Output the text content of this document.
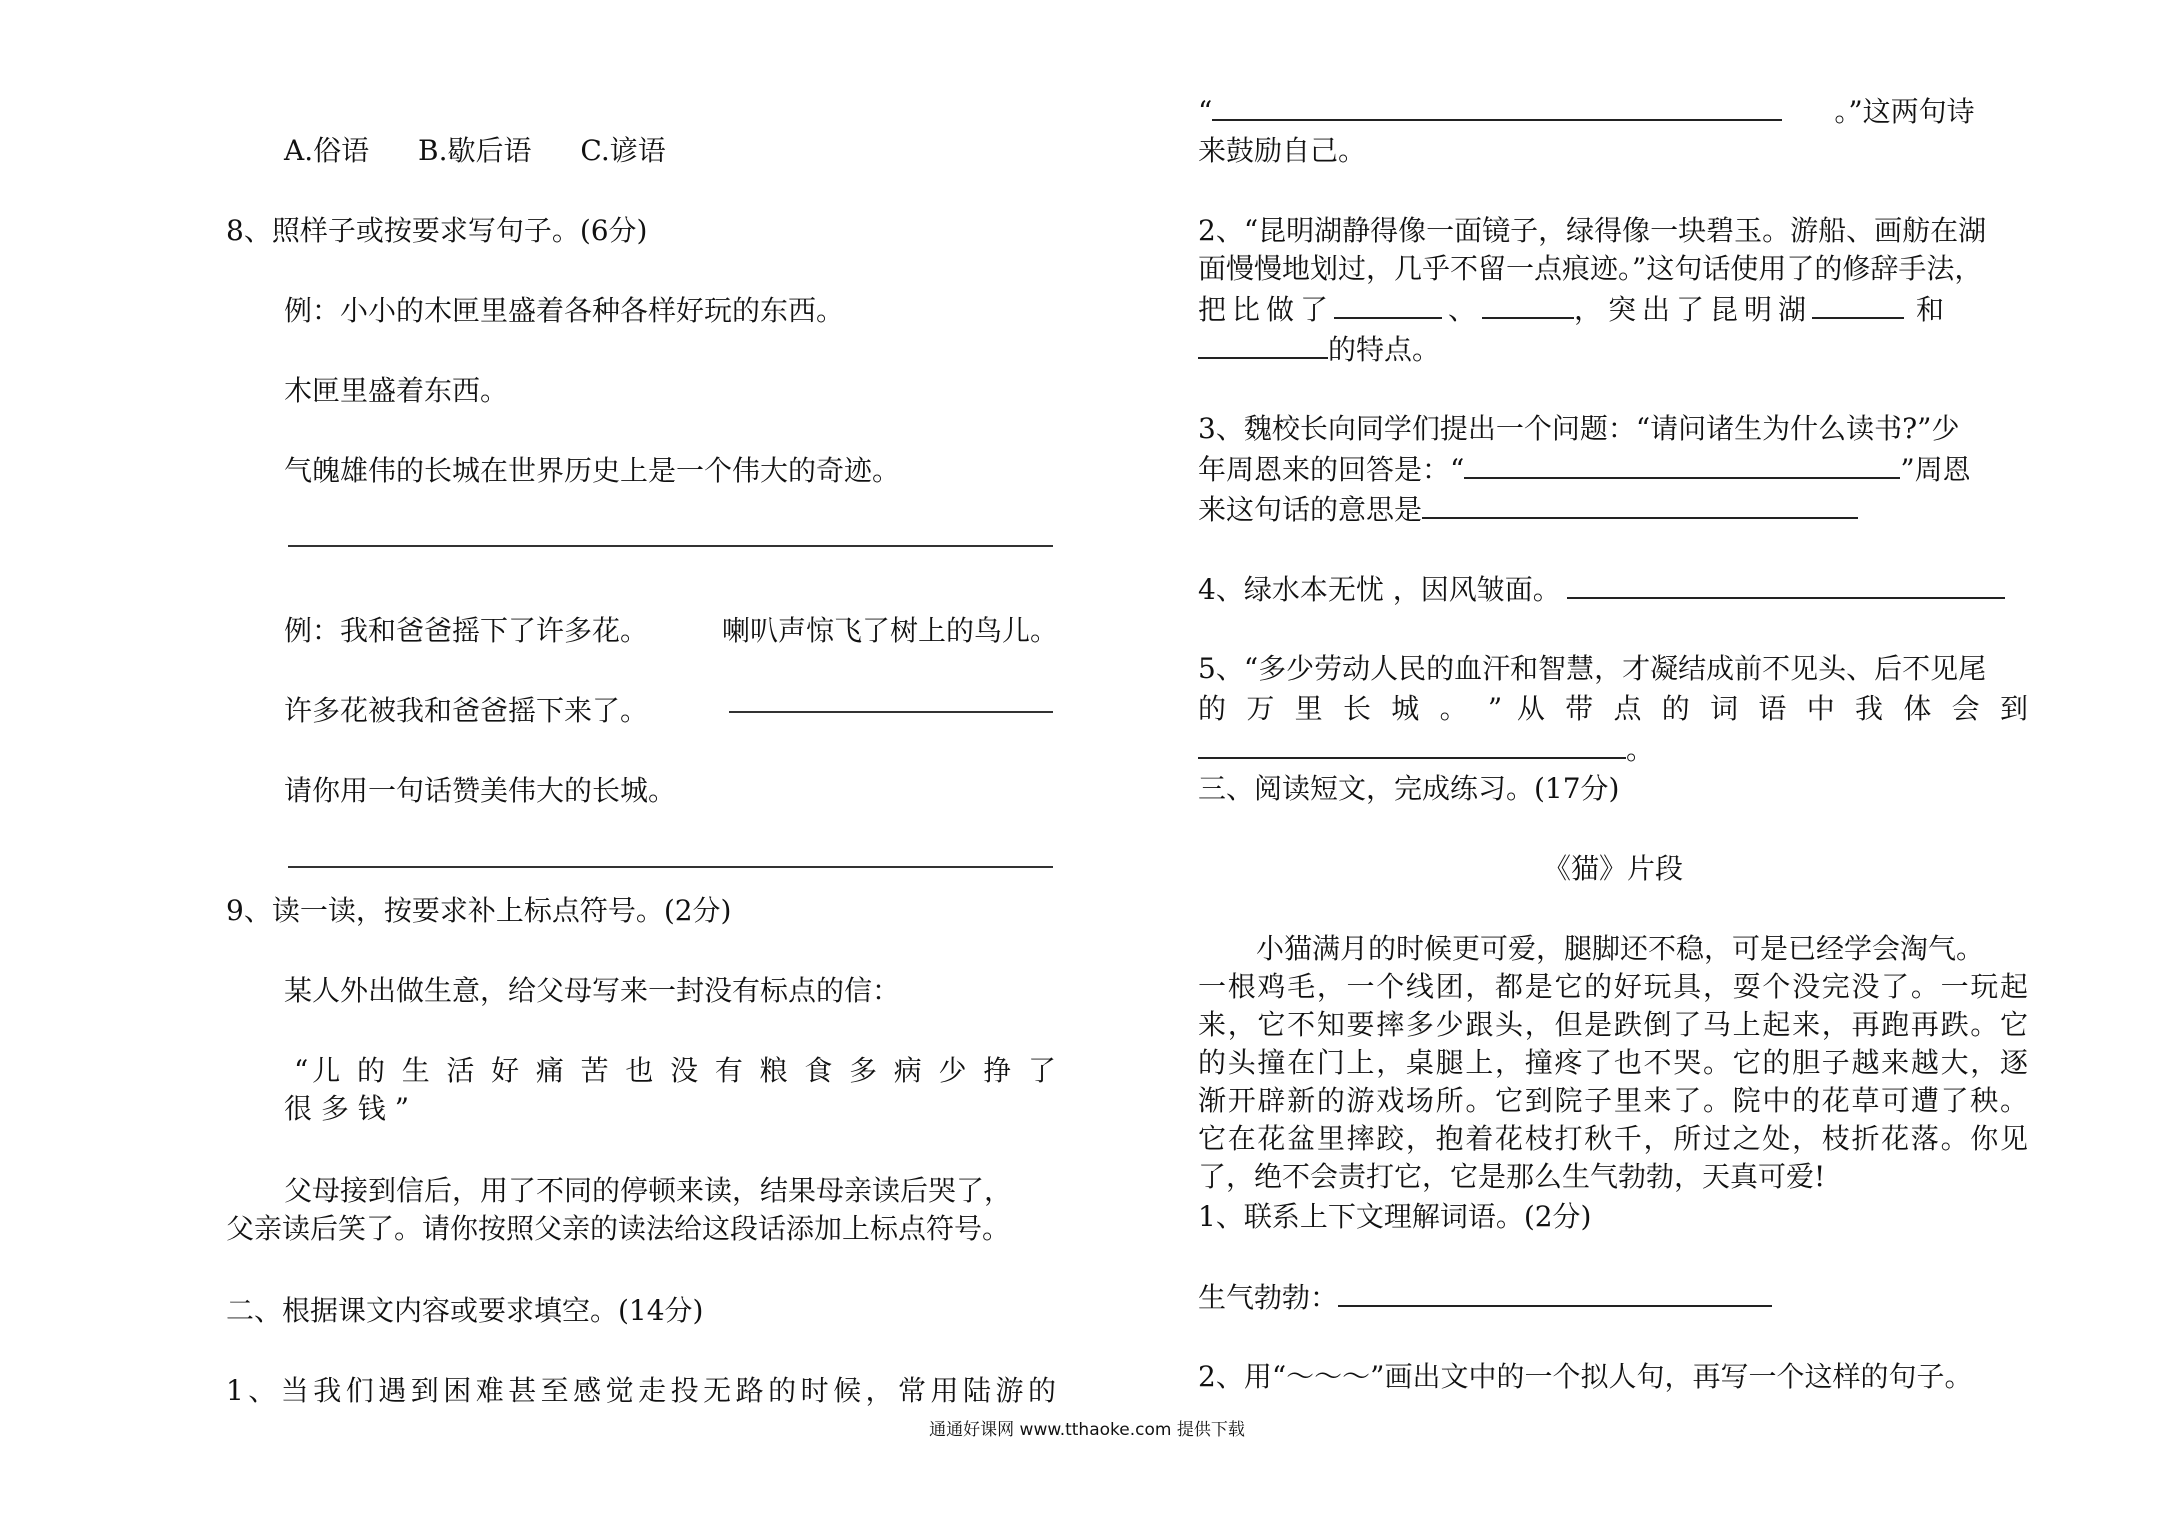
A.俗语 B.歇后语 C.谚语
8、照样子或按要求写句子。(6分)
例：小小的木匣里盛着各种各样好玩的东西。
木匣里盛着东西。
气魄雄伟的长城在世界历史上是一个伟大的奇迹。
例：我和爸爸摇下了许多花。	喇叭声惊飞了树上的鸟儿。
许多花被我和爸爸摇下来了。
请你用一句话赞美伟大的长城。
9、读一读，按要求补上标点符号。(2分)
某人外出做生意，给父母写来一封没有标点的信：
“儿 的 生 活 好 痛 苦 也 没 有 粮 食 多 病 少 挣 了
很 多 钱 ”
父母接到信后，用了不同的停顿来读，结果母亲读后哭了，
父亲读后笑了。请你按照父亲的读法给这段话添加上标点符号。
二、根据课文内容或要求填空。(14分)
1、当我们遇到困难甚至感觉走投无路的时候，常用陆游的
“	。”这两句诗
来鼓励自己。
2、“昆明湖静得像一面镜子，绿得像一块碧玉。游船、画舫在湖
面慢慢地划过，几乎不留一点痕迹。”这句话使用了的修辞手法，
把比做了	、	，突出了昆明湖	和
的特点。
3、魏校长向同学们提出一个问题：“请问诸生为什么读书?”少
年周恩来的回答是：“	”周恩
来这句话的意思是
4、绿水本无忧 ，因风皱面。
5、“多少劳动人民的血汗和智慧，才凝结成前不见头、后不见尾
的 万 里 长 城 。 ” 从 带 点 的 词 语 中 我 体 会 到
。
三、阅读短文，完成练习。(17分)
《猫》片段
小猫满月的时候更可爱，腿脚还不稳，可是已经学会淘气。
一根鸡毛，一个线团，都是它的好玩具，耍个没完没了。一玩起
来，它不知要摔多少跟头，但是跌倒了马上起来，再跑再跌。它
的头撞在门上，桌腿上，撞疼了也不哭。它的胆子越来越大，逐
渐开辟新的游戏场所。它到院子里来了。院中的花草可遭了秧。
它在花盆里摔跤，抱着花枝打秋千，所过之处，枝折花落。你见
了，绝不会责打它，它是那么生气勃勃，天真可爱!
1、联系上下文理解词语。(2分)
生气勃勃：
2、用“～～～”画出文中的一个拟人句，再写一个这样的句子。
通通好课网 www.tthaoke.com 提供下载
